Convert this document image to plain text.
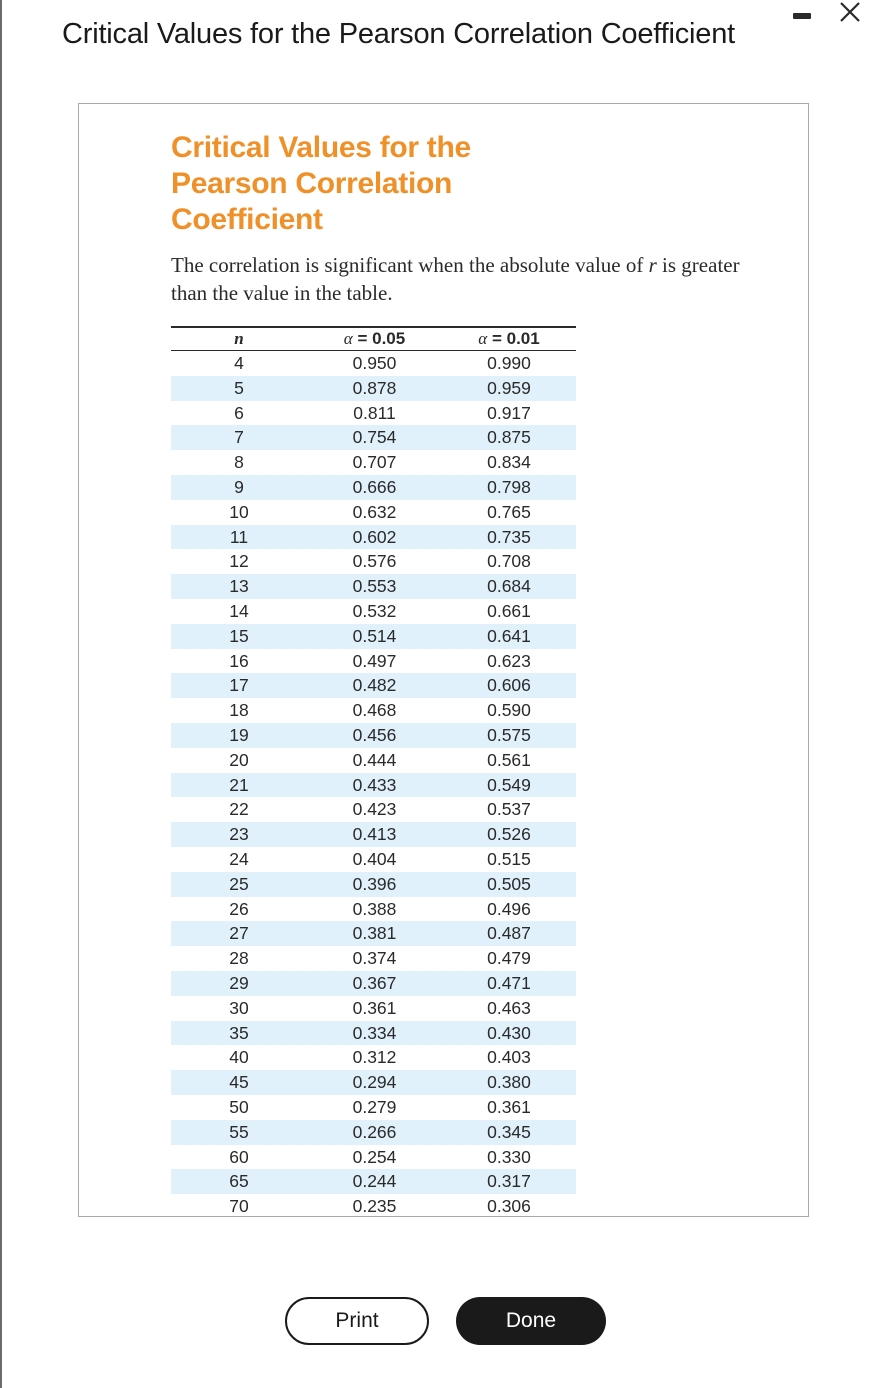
Critical Values for the Pearson Correlation Coefficient
Critical Values for the Pearson Correlation Coefficient
The correlation is significant when the absolute value of r is greater than the value in the table.
n	α = 0.05	α = 0.01
4	0.950	0.990
5	0.878	0.959
6	0.811	0.917
7	0.754	0.875
8	0.707	0.834
9	0.666	0.798
10	0.632	0.765
11	0.602	0.735
12	0.576	0.708
13	0.553	0.684
14	0.532	0.661
15	0.514	0.641
16	0.497	0.623
17	0.482	0.606
18	0.468	0.590
19	0.456	0.575
20	0.444	0.561
21	0.433	0.549
22	0.423	0.537
23	0.413	0.526
24	0.404	0.515
25	0.396	0.505
26	0.388	0.496
27	0.381	0.487
28	0.374	0.479
29	0.367	0.471
30	0.361	0.463
35	0.334	0.430
40	0.312	0.403
45	0.294	0.380
50	0.279	0.361
55	0.266	0.345
60	0.254	0.330
65	0.244	0.317
70	0.235	0.306
Print	Done
